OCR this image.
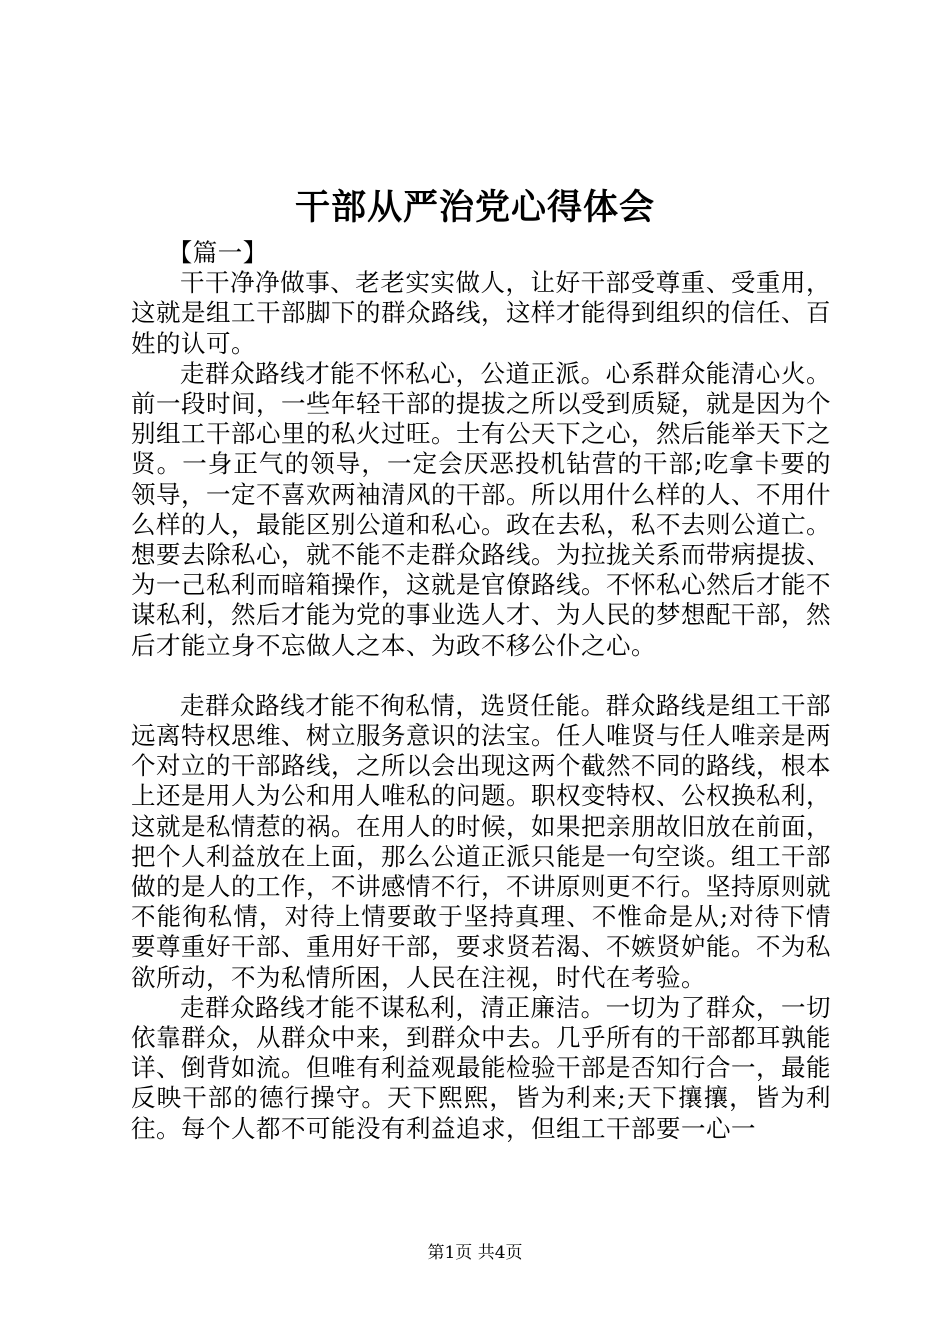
干部从严治党心得体会

【篇一】

干干净净做事、老老实实做人，让好干部受尊重、受重用，这就是组工干部脚下的群众路线，这样才能得到组织的信任、百姓的认可。

走群众路线才能不怀私心，公道正派。心系群众能清心火。前一段时间，一些年轻干部的提拔之所以受到质疑，就是因为个别组工干部心里的私火过旺。士有公天下之心，然后能举天下之贤。一身正气的领导，一定会厌恶投机钻营的干部;吃拿卡要的领导，一定不喜欢两袖清风的干部。所以用什么样的人、不用什么样的人，最能区别公道和私心。政在去私，私不去则公道亡。想要去除私心，就不能不走群众路线。为拉拢关系而带病提拔、为一己私利而暗箱操作，这就是官僚路线。不怀私心然后才能不谋私利，然后才能为党的事业选人才、为人民的梦想配干部，然后才能立身不忘做人之本、为政不移公仆之心。

走群众路线才能不徇私情，选贤任能。群众路线是组工干部远离特权思维、树立服务意识的法宝。任人唯贤与任人唯亲是两个对立的干部路线，之所以会出现这两个截然不同的路线，根本上还是用人为公和用人唯私的问题。职权变特权、公权换私利，这就是私情惹的祸。在用人的时候，如果把亲朋故旧放在前面，把个人利益放在上面，那么公道正派只能是一句空谈。组工干部做的是人的工作，不讲感情不行，不讲原则更不行。坚持原则就不能徇私情，对待上情要敢于坚持真理、不惟命是从;对待下情要尊重好干部、重用好干部，要求贤若渴、不嫉贤妒能。不为私欲所动，不为私情所困，人民在注视，时代在考验。

走群众路线才能不谋私利，清正廉洁。一切为了群众，一切依靠群众，从群众中来，到群众中去。几乎所有的干部都耳孰能详、倒背如流。但唯有利益观最能检验干部是否知行合一，最能反映干部的德行操守。天下熙熙，皆为利来;天下攘攘，皆为利往。每个人都不可能没有利益追求，但组工干部要一心一

第1页 共4页
